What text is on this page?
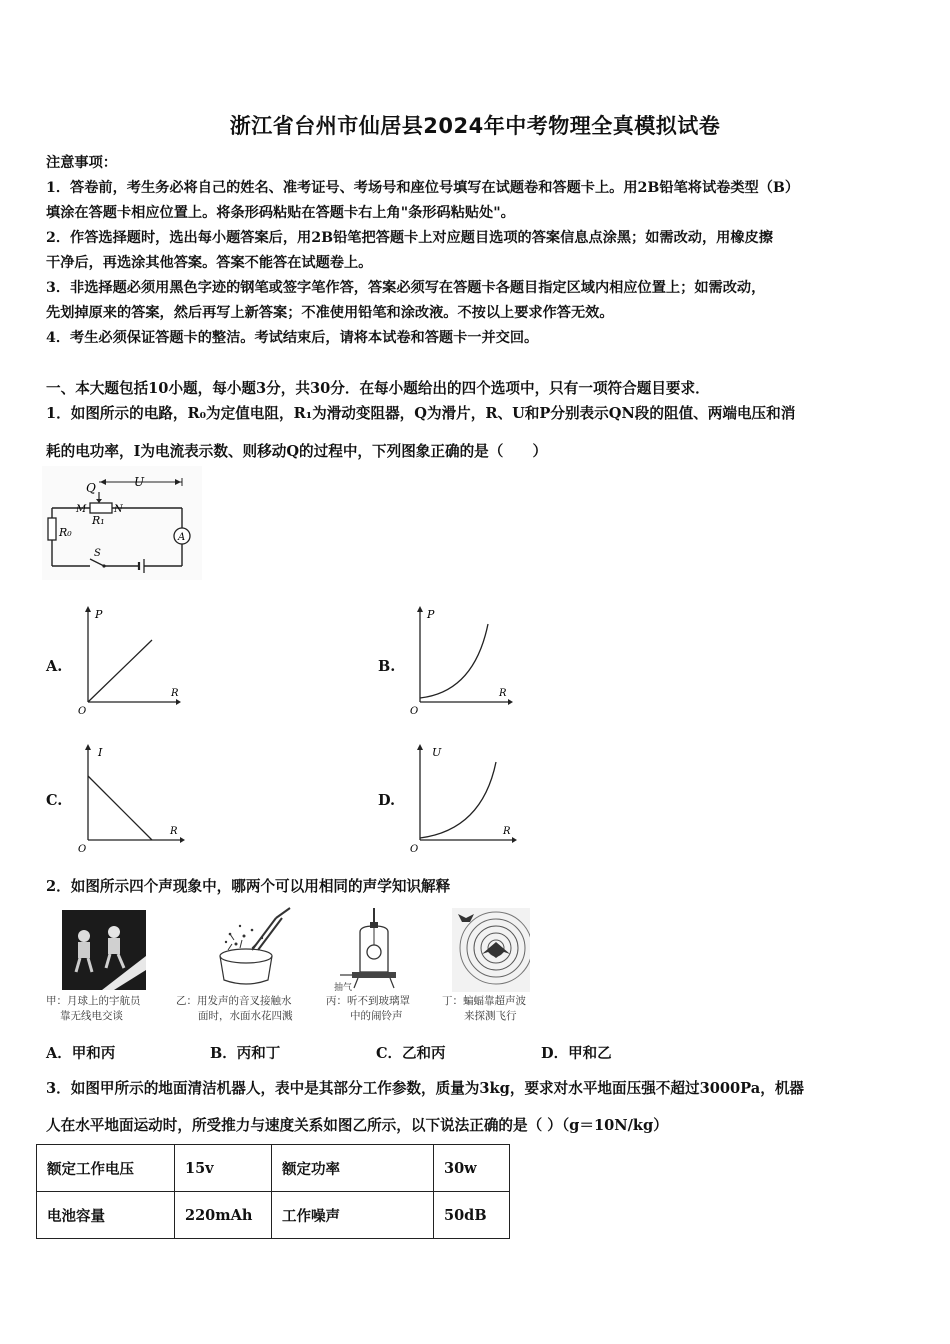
浙江省台州市仙居县2024年中考物理全真模拟试卷
注意事项：
1．答卷前，考生务必将自己的姓名、准考证号、考场号和座位号填写在试题卷和答题卡上。用2B铅笔将试卷类型（B）
填涂在答题卡相应位置上。将条形码粘贴在答题卡右上角"条形码粘贴处"。
2．作答选择题时，选出每小题答案后，用2B铅笔把答题卡上对应题目选项的答案信息点涂黑；如需改动，用橡皮擦
干净后，再选涂其他答案。答案不能答在试题卷上。
3．非选择题必须用黑色字迹的钢笔或签字笔作答，答案必须写在答题卡各题目指定区域内相应位置上；如需改动，
先划掉原来的答案，然后再写上新答案；不准使用铅笔和涂改液。不按以上要求作答无效。
4．考生必须保证答题卡的整洁。考试结束后，请将本试卷和答题卡一并交回。
一、本大题包括10小题，每小题3分，共30分．在每小题给出的四个选项中，只有一项符合题目要求．
1．如图所示的电路，R₀为定值电阻，R₁为滑动变阻器，Q为滑片，R、U和P分别表示QN段的阻值、两端电压和消
耗的电功率，I为电流表示数、则移动Q的过程中，下列图象正确的是（　　）
Q	U
M
R₁
N
R₀	A
S
A.
P
R
O
B.
P
R
O
C.
I
R
O
D.
U
R
O
2．如图所示四个声现象中，哪两个可以用相同的声学知识解释
甲：月球上的宇航员
靠无线电交谈
乙：用发声的音叉接触水
面时，水面水花四溅
抽气
丙：听不到玻璃罩
中的闹铃声
丁：蝙蝠靠超声波
来探测飞行
A．甲和丙	B．丙和丁	C．乙和丙	D．甲和乙
3．如图甲所示的地面清洁机器人，表中是其部分工作参数，质量为3kg，要求对水平地面压强不超过3000Pa，机器
人在水平地面运动时，所受推力与速度关系如图乙所示，以下说法正确的是（ ）（g＝10N/kg）
额定工作电压	15v	额定功率	30w
电池容量	220mAh	工作噪声	50dB
